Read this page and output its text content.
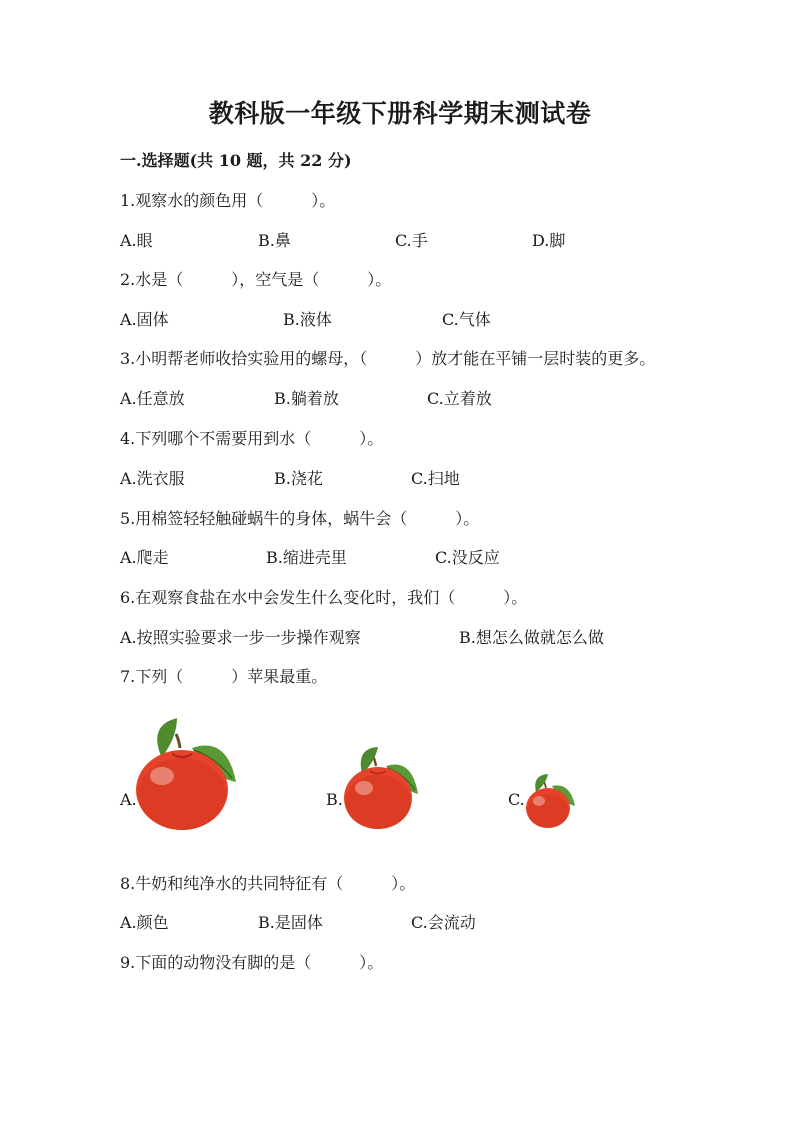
教科版一年级下册科学期末测试卷
一.选择题(共 10 题，共 22 分)
1.观察水的颜色用（　　　）。
A.眼	B.鼻	C.手	D.脚
2.水是（　　　），空气是（　　　）。
A.固体	B.液体	C.气体
3.小明帮老师收拾实验用的螺母，（　　　）放才能在平铺一层时装的更多。
A.任意放	B.躺着放	C.立着放
4.下列哪个不需要用到水（　　　）。
A.洗衣服	B.浇花	C.扫地
5.用棉签轻轻触碰蜗牛的身体，蜗牛会（　　　）。
A.爬走	B.缩进壳里	C.没反应
6.在观察食盐在水中会发生什么变化时，我们（　　　）。
A.按照实验要求一步一步操作观察	B.想怎么做就怎么做
7.下列（　　　）苹果最重。
A.	B.	C.
8.牛奶和纯净水的共同特征有（　　　）。
A.颜色	B.是固体	C.会流动
9.下面的动物没有脚的是（　　　）。
